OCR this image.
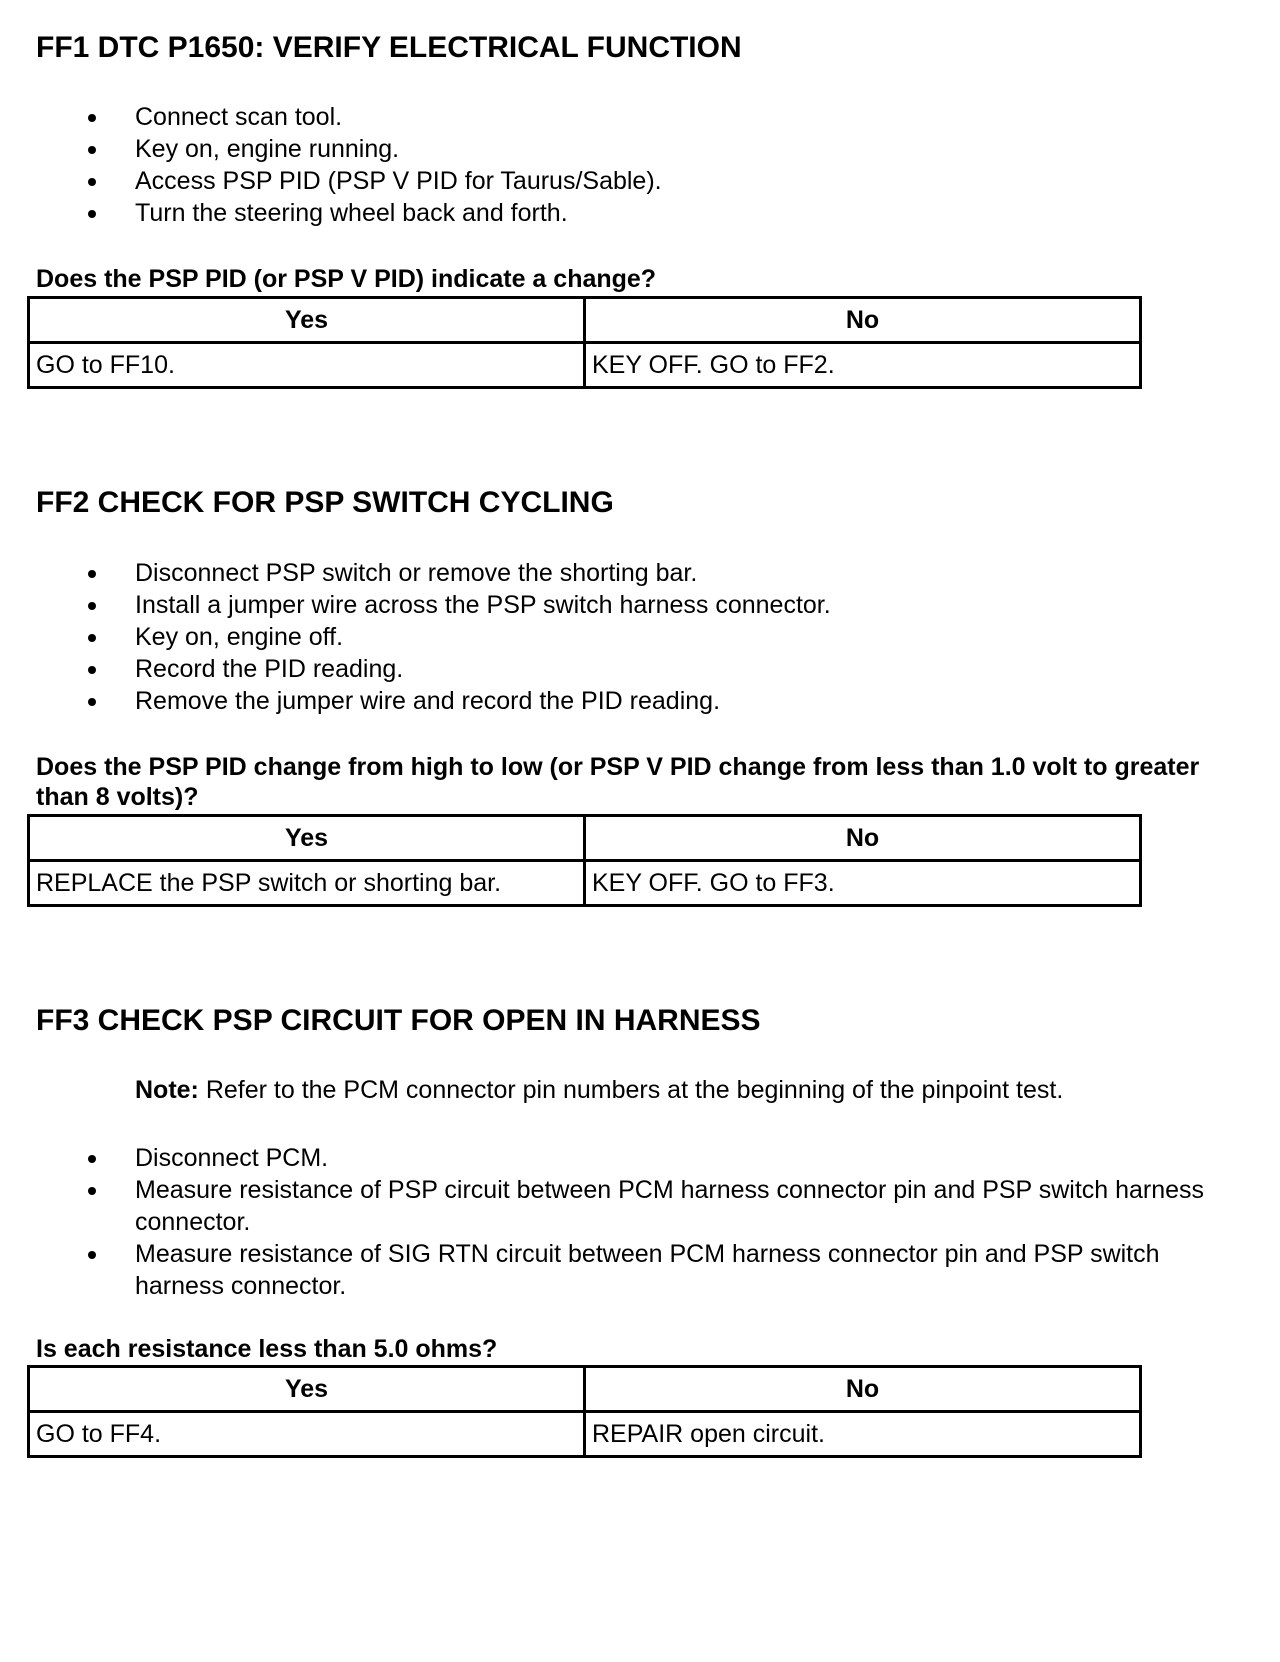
FF1 DTC P1650: VERIFY ELECTRICAL FUNCTION
Connect scan tool.
Key on, engine running.
Access PSP PID (PSP V PID for Taurus/Sable).
Turn the steering wheel back and forth.

Does the PSP PID (or PSP V PID) indicate a change?

Yes	No
GO to FF10.	KEY OFF. GO to FF2.
FF2 CHECK FOR PSP SWITCH CYCLING
Disconnect PSP switch or remove the shorting bar.
Install a jumper wire across the PSP switch harness connector.
Key on, engine off.
Record the PID reading.
Remove the jumper wire and record the PID reading.

Does the PSP PID change from high to low (or PSP V PID change from less than 1.0 volt to greater than 8 volts)?

Yes	No
REPLACE the PSP switch or shorting bar.	KEY OFF. GO to FF3.
FF3 CHECK PSP CIRCUIT FOR OPEN IN HARNESS
Note: Refer to the PCM connector pin numbers at the beginning of the pinpoint test.
Disconnect PCM.
Measure resistance of PSP circuit between PCM harness connector pin and PSP switch harness connector.
Measure resistance of SIG RTN circuit between PCM harness connector pin and PSP switch harness connector.

Is each resistance less than 5.0 ohms?

Yes	No
GO to FF4.	REPAIR open circuit.
